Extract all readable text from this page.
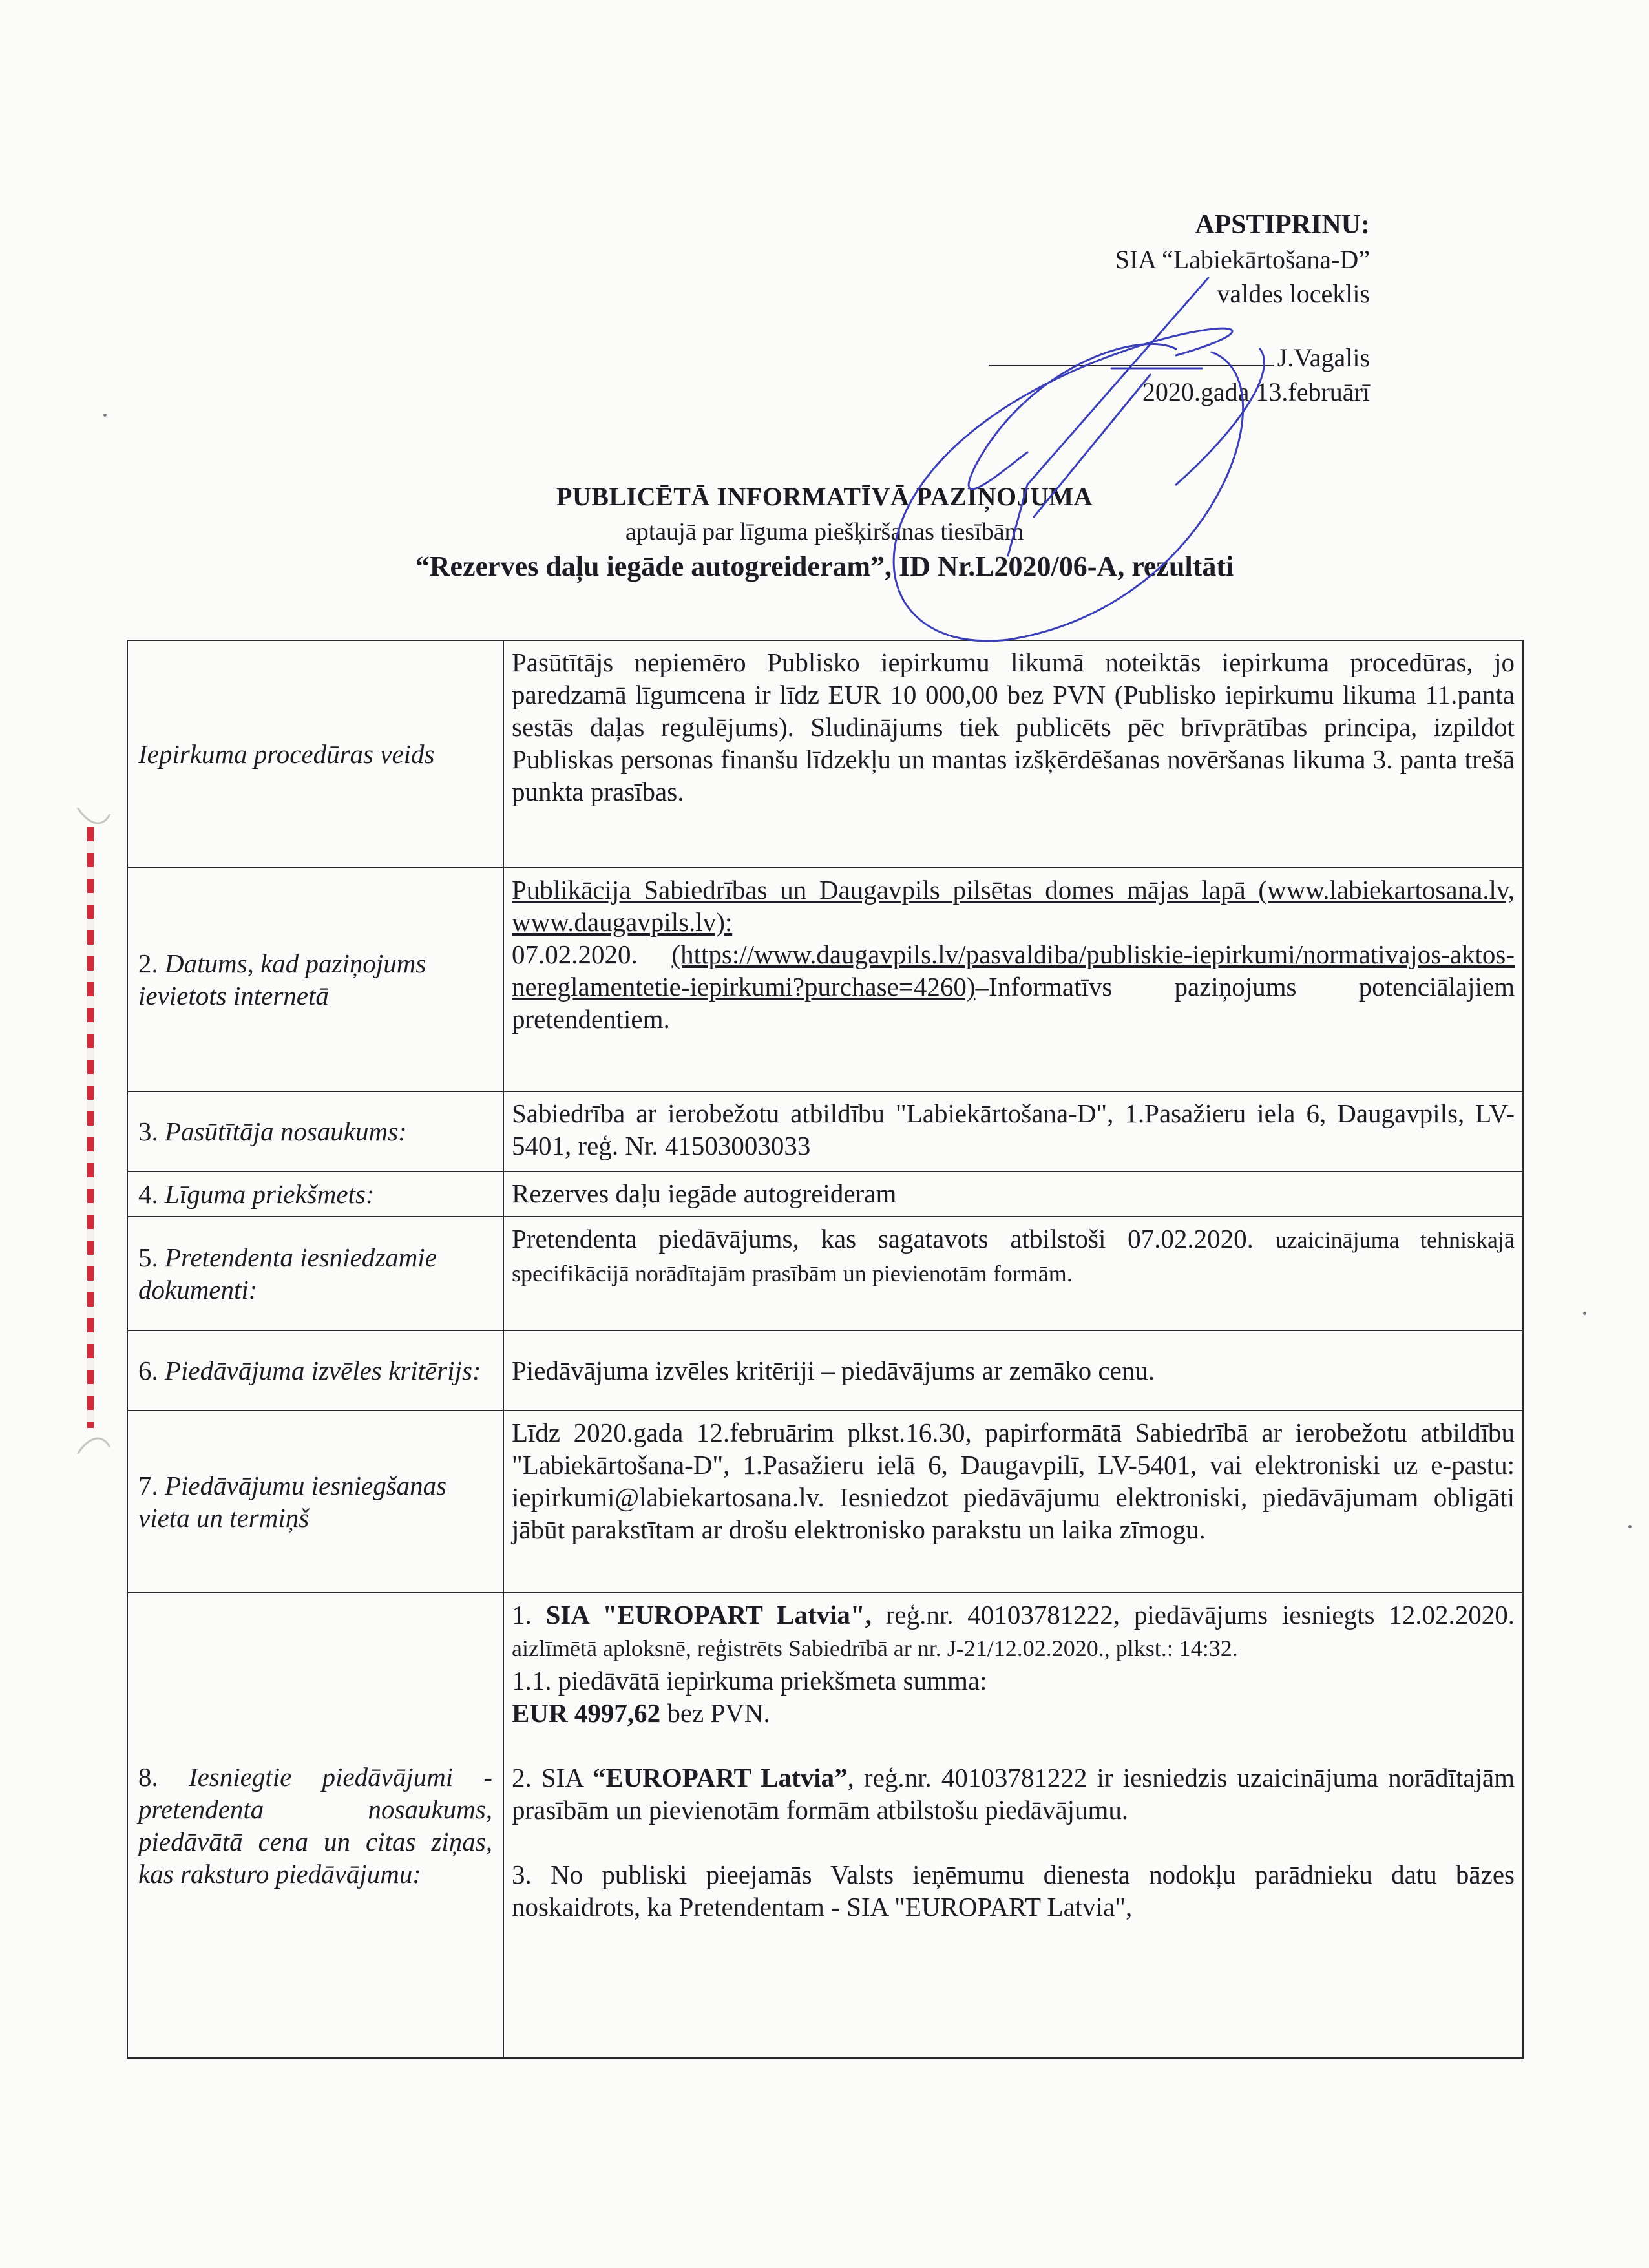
APSTIPRINU:
SIA “Labiekārtošana-D”
valdes loceklis
J.Vagalis
2020.gada 13.februārī
PUBLICĒTĀ INFORMATĪVĀ PAZIŅOJUMA
aptaujā par līguma piešķiršanas tiesībām
“Rezerves daļu iegāde autogreideram”, ID Nr.L2020/06-A, rezultāti
Iepirkuma procedūras veids	Pasūtītājs nepiemēro Publisko iepirkumu likumā noteiktās iepirkuma procedūras, jo paredzamā līgumcena ir līdz EUR 10 000,00 bez PVN (Publisko iepirkumu likuma 11.panta sestās daļas regulējums). Sludinājums tiek publicēts pēc brīvprātības principa, izpildot Publiskas personas finanšu līdzekļu un mantas izšķērdēšanas novēršanas likuma 3. panta trešā punkta prasības.
2. Datums, kad paziņojums ievietots internetā	Publikācija Sabiedrības un Daugavpils pilsētas domes mājas lapā (www.labiekartosana.lv, www.daugavpils.lv):
07.02.2020. (https://www.daugavpils.lv/pasvaldiba/publiskie-iepirkumi/normativajos-aktos-nereglamentetie-iepirkumi?purchase=4260)–Informatīvs paziņojums potenciālajiem pretendentiem.
3. Pasūtītāja nosaukums:	Sabiedrība ar ierobežotu atbildību "Labiekārtošana-D", 1.Pasažieru iela 6, Daugavpils, LV-5401, reģ. Nr. 41503003033
4. Līguma priekšmets:	Rezerves daļu iegāde autogreideram
5. Pretendenta iesniedzamie dokumenti:	Pretendenta piedāvājums, kas sagatavots atbilstoši 07.02.2020. uzaicinājuma tehniskajā specifikācijā norādītajām prasībām un pievienotām formām.
6. Piedāvājuma izvēles kritērijs:	Piedāvājuma izvēles kritēriji – piedāvājums ar zemāko cenu.
7. Piedāvājumu iesniegšanas vieta un termiņš	Līdz 2020.gada 12.februārim plkst.16.30, papirformātā Sabiedrībā ar ierobežotu atbildību "Labiekārtošana-D", 1.Pasažieru ielā 6, Daugavpilī, LV-5401, vai elektroniski uz e-pastu: iepirkumi@labiekartosana.lv. Iesniedzot piedāvājumu elektroniski, piedāvājumam obligāti jābūt parakstītam ar drošu elektronisko parakstu un laika zīmogu.
8. Iesniegtie piedāvājumi - pretendenta nosaukums, piedāvātā cena un citas ziņas, kas raksturo piedāvājumu:	1. SIA "EUROPART Latvia", reģ.nr. 40103781222, piedāvājums iesniegts 12.02.2020. aizlīmētā aploksnē, reģistrēts Sabiedrībā ar nr. J-21/12.02.2020., plkst.: 14:32.

1.1. piedāvātā iepirkuma priekšmeta summa:

EUR 4997,62 bez PVN.

2. SIA “EUROPART Latvia”, reģ.nr. 40103781222 ir iesniedzis uzaicinājuma norādītajām prasībām un pievienotām formām atbilstošu piedāvājumu.

3. No publiski pieejamās Valsts ieņēmumu dienesta nodokļu parādnieku datu bāzes noskaidrots, ka Pretendentam - SIA "EUROPART Latvia",
